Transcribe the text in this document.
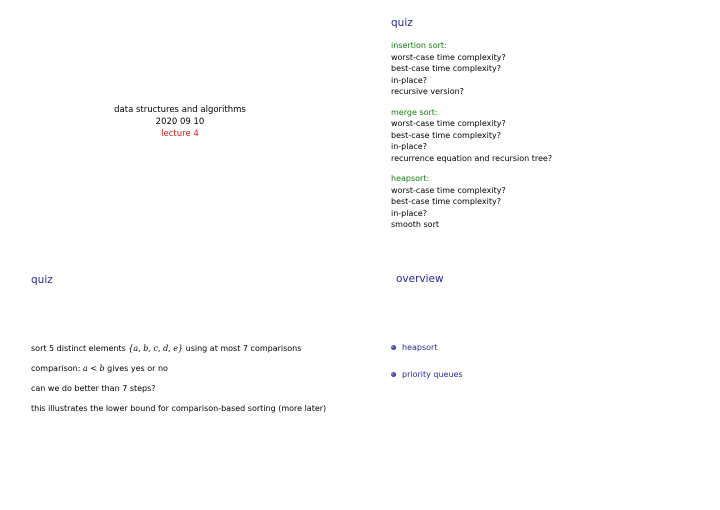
data structures and algorithms
2020 09 10
lecture 4
quiz
insertion sort:
worst-case time complexity?
best-case time complexity?
in-place?
recursive version?
merge sort:
worst-case time complexity?
best-case time complexity?
in-place?
recurrence equation and recursion tree?
heapsort:
worst-case time complexity?
best-case time complexity?
in-place?
smooth sort
quiz

sort 5 distinct elements {a, b, c, d, e} using at most 7 comparisons

comparison: a < b gives yes or no

can we do better than 7 steps?

this illustrates the lower bound for comparison-based sorting (more later)

overview
heapsort
priority queues
